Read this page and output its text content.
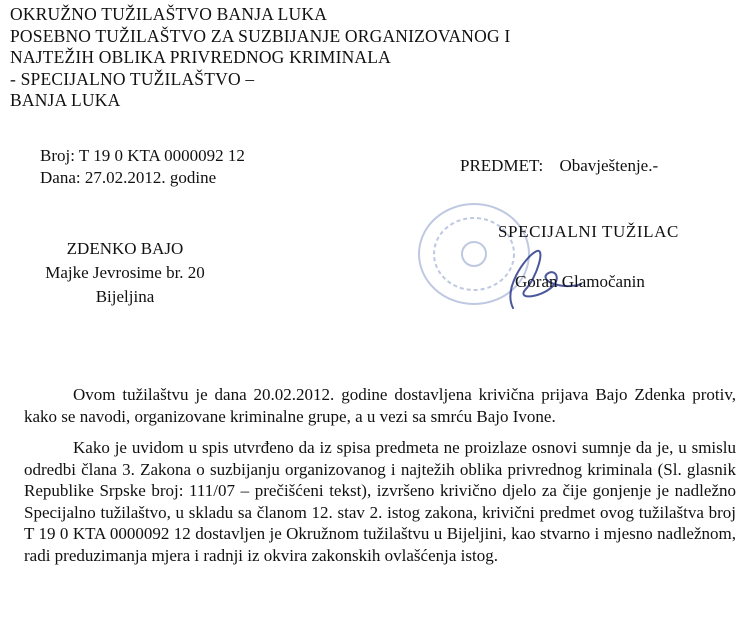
OKRUŽNO TUŽILAŠTVO BANJA LUKA
POSEBNO TUŽILAŠTVO ZA SUZBIJANJE ORGANIZOVANOG I
NAJTEŽIH OBLIKA PRIVREDNOG KRIMINALA
- SPECIJALNO TUŽILAŠTVO –
BANJA LUKA
Broj: T 19 0 KTA 0000092 12
Dana: 27.02.2012. godine
PREDMET: Obavještenje.-
ZDENKO BAJO
Majke Jevrosime br. 20
Bijeljina
SPECIJALNI TUŽILAC
Goran Glamočanin

Ovom tužilaštvu je dana 20.02.2012. godine dostavljena krivična prijava Bajo Zdenka protiv, kako se navodi, organizovane kriminalne grupe, a u vezi sa smrću Bajo Ivone.

Kako je uvidom u spis utvrđeno da iz spisa predmeta ne proizlaze osnovi sumnje da je, u smislu odredbi člana 3. Zakona o suzbijanju organizovanog i najtežih oblika privrednog kriminala (Sl. glasnik Republike Srpske broj: 111/07 – prečišćeni tekst), izvršeno krivično djelo za čije gonjenje je nadležno Specijalno tužilaštvo, u skladu sa članom 12. stav 2. istog zakona, krivični predmet ovog tužilaštva broj T 19 0 KTA 0000092 12 dostavljen je Okružnom tužilaštvu u Bijeljini, kao stvarno i mjesno nadležnom, radi preduzimanja mjera i radnji iz okvira zakonskih ovlašćenja istog.
